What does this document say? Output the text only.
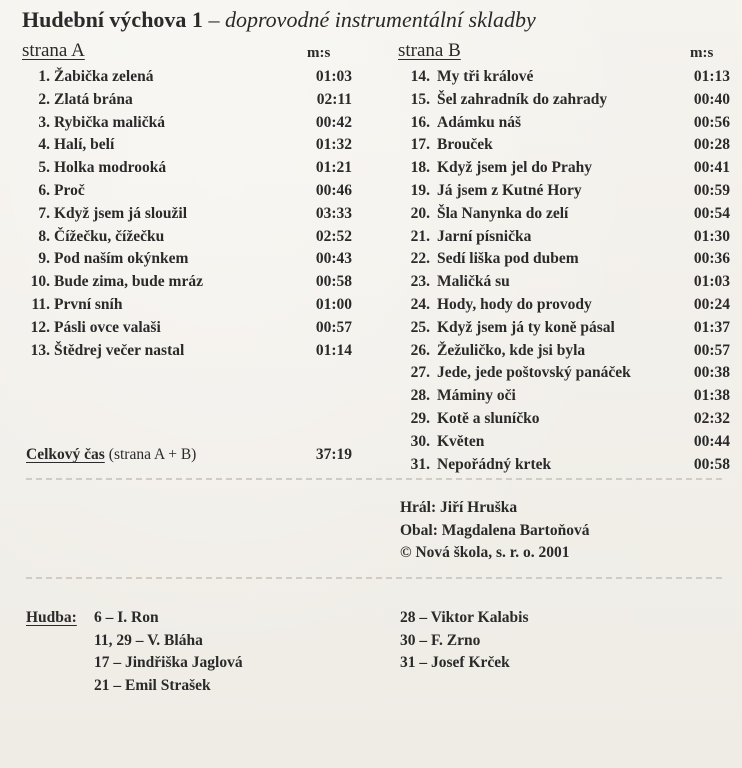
Hudební výchova 1 – doprovodné instrumentální skladby
strana A	m:s	strana B	m:s
1. Žabička zelená	01:03
2. Zlatá brána	02:11
3. Rybička maličká	00:42
4. Halí, belí	01:32
5. Holka modrooká	01:21
6. Proč	00:46
7. Když jsem já sloužil	03:33
8. Čížečku, čížečku	02:52
9. Pod naším okýnkem	00:43
10. Bude zima, bude mráz	00:58
11. První sníh	01:00
12. Pásli ovce valaši	00:57
13. Štědrej večer nastal	01:14
14. My tři králové	01:13
15. Šel zahradník do zahrady	00:40
16. Adámku náš	00:56
17. Brouček	00:28
18. Když jsem jel do Prahy	00:41
19. Já jsem z Kutné Hory	00:59
20. Šla Nanynka do zelí	00:54
21. Jarní písnička	01:30
22. Sedí liška pod dubem	00:36
23. Maličká su	01:03
24. Hody, hody do provody	00:24
25. Když jsem já ty koně pásal	01:37
26. Žežuličko, kde jsi byla	00:57
27. Jede, jede poštovský panáček	00:38
28. Máminy oči	01:38
29. Kotě a sluníčko	02:32
30. Květen	00:44
31. Nepořádný krtek	00:58
Celkový čas (strana A + B)	37:19
Hrál: Jiří Hruška
Obal: Magdalena Bartoňová
© Nová škola, s. r. o. 2001
Hudba: 6 – I. Ron
11, 29 – V. Bláha
17 – Jindřiška Jaglová
21 – Emil Strašek
28 – Viktor Kalabis
30 – F. Zrno
31 – Josef Krček
